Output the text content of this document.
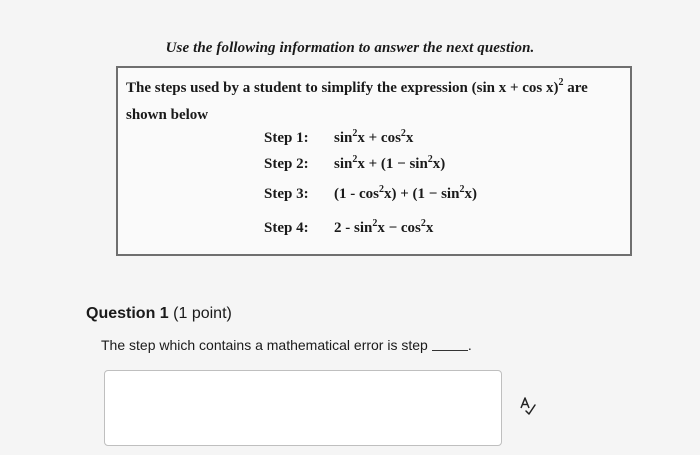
Use the following information to answer the next question.
The steps used by a student to simplify the expression (sin x + cos x)$^2$ are
shown below
Step 1: $\sin^2x + \cos^2x$
Step 2: $\sin^2x + (1 - \sin^2x)$
Step 3: $(1 - \cos^2x) + (1 - \sin^2x)$
Step 4: $2 - \sin^2x - \cos^2x$
Question 1 (1 point)
The step which contains a mathematical error is step	.
